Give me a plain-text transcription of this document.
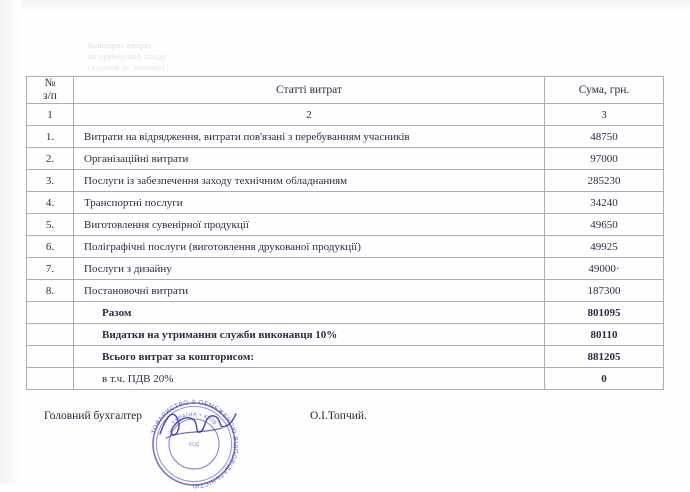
Кошторис витрат
на проведення заходу
(додаток до договору)
№
з/п	Статті витрат	Сума, грн.
1	2	3
1.	Витрати на відрядження, витрати пов'язані з перебуванням учасників	48750
2.	Організаційні витрати	97000
3.	Послуги із забезпечення заходу технічним обладнанням	285230
4.	Транспортні послуги	34240
5.	Виготовлення сувенірної продукції	49650
6.	Поліграфічні послуги (виготовлення друкованої продукції)	49925
7.	Послуги з дизайну	49000·
8.	Постановочні витрати	187300
	Разом	801095
	Видатки на утримання служби виконавця 10%	80110
	Всього витрат за кошторисом:	881205
	в т.ч. ПДВ 20%	0
Головний бухгалтер	О.І.Топчий.
ТОВАРИСТВО З ОБМЕЖЕНОЮ ВІДПОВІДАЛЬНІСТЮ
УКРАЇНА • КИЇВ
КОД
